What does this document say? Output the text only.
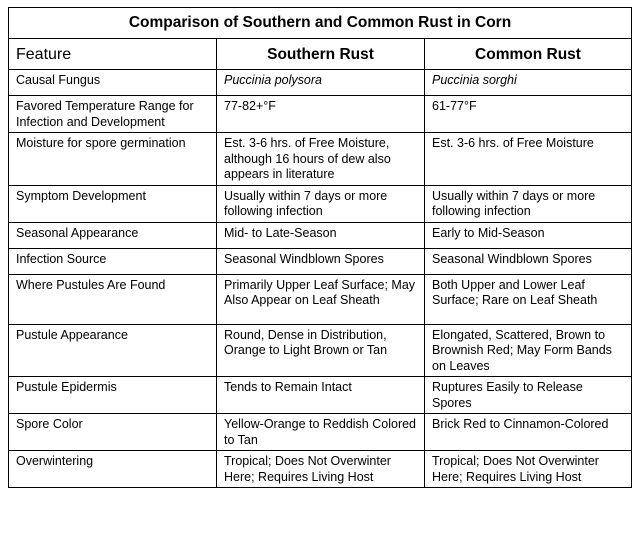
Comparison of Southern and Common Rust in Corn		
Feature	Southern Rust	Common Rust
Causal Fungus	Puccinia polysora	Puccinia sorghi
Favored Temperature Range for Infection and Development	77-82+°F	61-77°F
Moisture for spore germination	Est. 3-6 hrs. of Free Moisture, although 16 hours of dew also appears in literature	Est. 3-6 hrs. of Free Moisture
Symptom Development	Usually within 7 days or more following infection	Usually within 7 days or more following infection
Seasonal Appearance	Mid- to Late-Season	Early to Mid-Season
Infection Source	Seasonal Windblown Spores	Seasonal Windblown Spores
Where Pustules Are Found	Primarily Upper Leaf Surface; May Also Appear on Leaf Sheath	Both Upper and Lower Leaf Surface; Rare on Leaf Sheath
Pustule Appearance	Round, Dense in Distribution, Orange to Light Brown or Tan	Elongated, Scattered, Brown to Brownish Red; May Form Bands on Leaves
Pustule Epidermis	Tends to Remain Intact	Ruptures Easily to Release Spores
Spore Color	Yellow-Orange to Reddish Colored to Tan	Brick Red to Cinnamon-Colored
Overwintering	Tropical; Does Not Overwinter Here; Requires Living Host	Tropical; Does Not Overwinter Here; Requires Living Host
